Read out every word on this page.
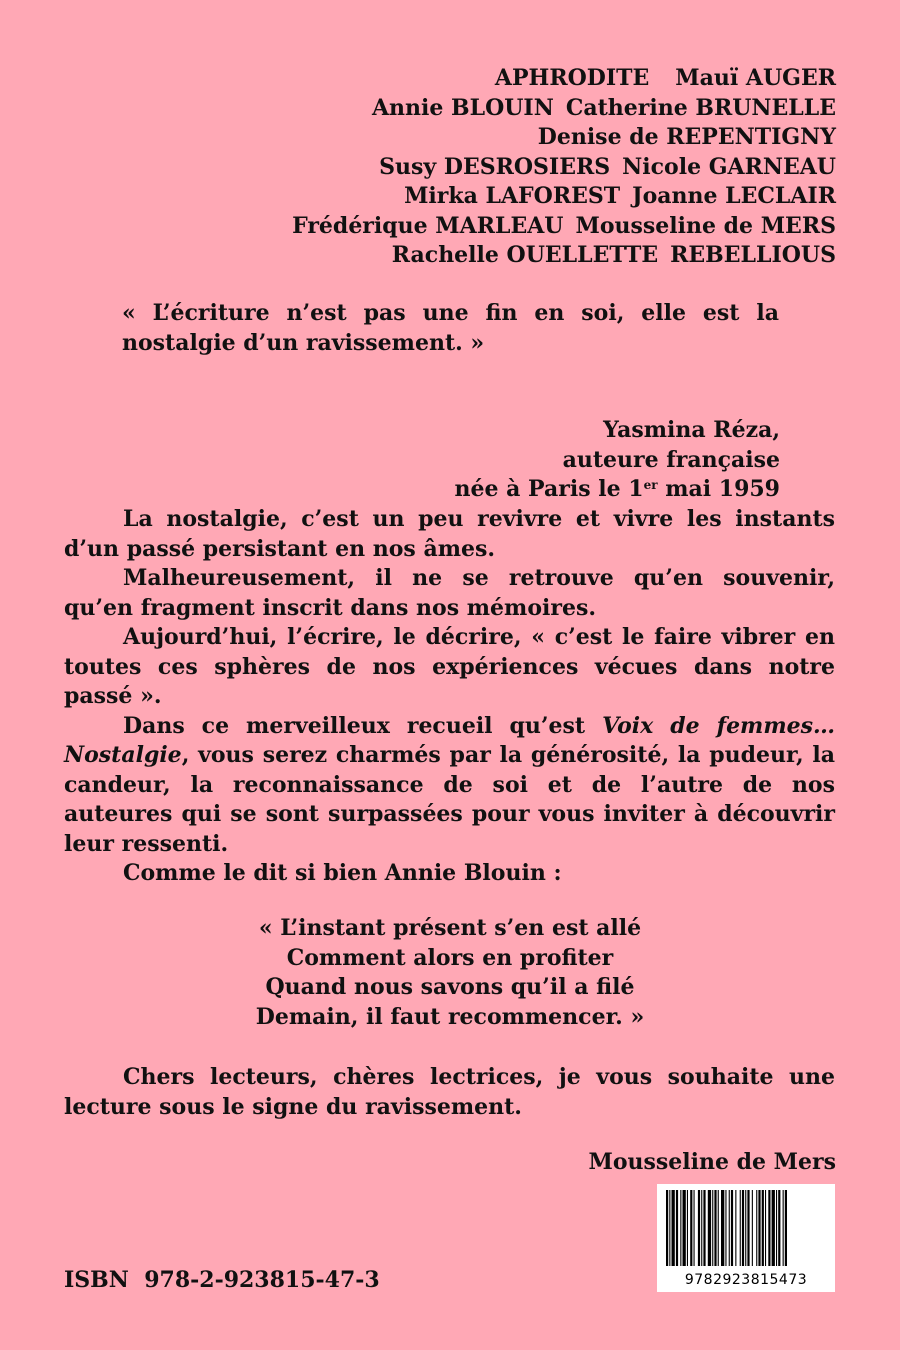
APHRODITE Mauï AUGER
Annie BLOUIN Catherine BRUNELLE
Denise de REPENTIGNY
Susy DESROSIERS Nicole GARNEAU
Mirka LAFOREST Joanne LECLAIR
Frédérique MARLEAU Mousseline de MERS
Rachelle OUELLETTE REBELLIOUS
« L’écriture n’est pas une fin en soi, elle est la nostalgie d’un ravissement. »
Yasmina Réza,
auteure française
née à Paris le 1er mai 1959

La nostalgie, c’est un peu revivre et vivre les instants d’un passé persistant en nos âmes.

Malheureusement, il ne se retrouve qu’en souvenir, qu’en fragment inscrit dans nos mémoires.

Aujourd’hui, l’écrire, le décrire, « c’est le faire vibrer en toutes ces sphères de nos expériences vécues dans notre passé ».

Dans ce merveilleux recueil qu’est Voix de femmes… Nostalgie, vous serez charmés par la générosité, la pudeur, la candeur, la reconnaissance de soi et de l’autre de nos auteures qui se sont surpassées pour vous inviter à découvrir leur ressenti.

Comme le dit si bien Annie Blouin :

« L’instant présent s’en est allé
Comment alors en profiter
Quand nous savons qu’il a filé
Demain, il faut recommencer. »

Chers lecteurs, chères lectrices, je vous souhaite une lecture sous le signe du ravissement.

Mousseline de Mers
ISBN  978-2-923815-47-3	9782923815473
